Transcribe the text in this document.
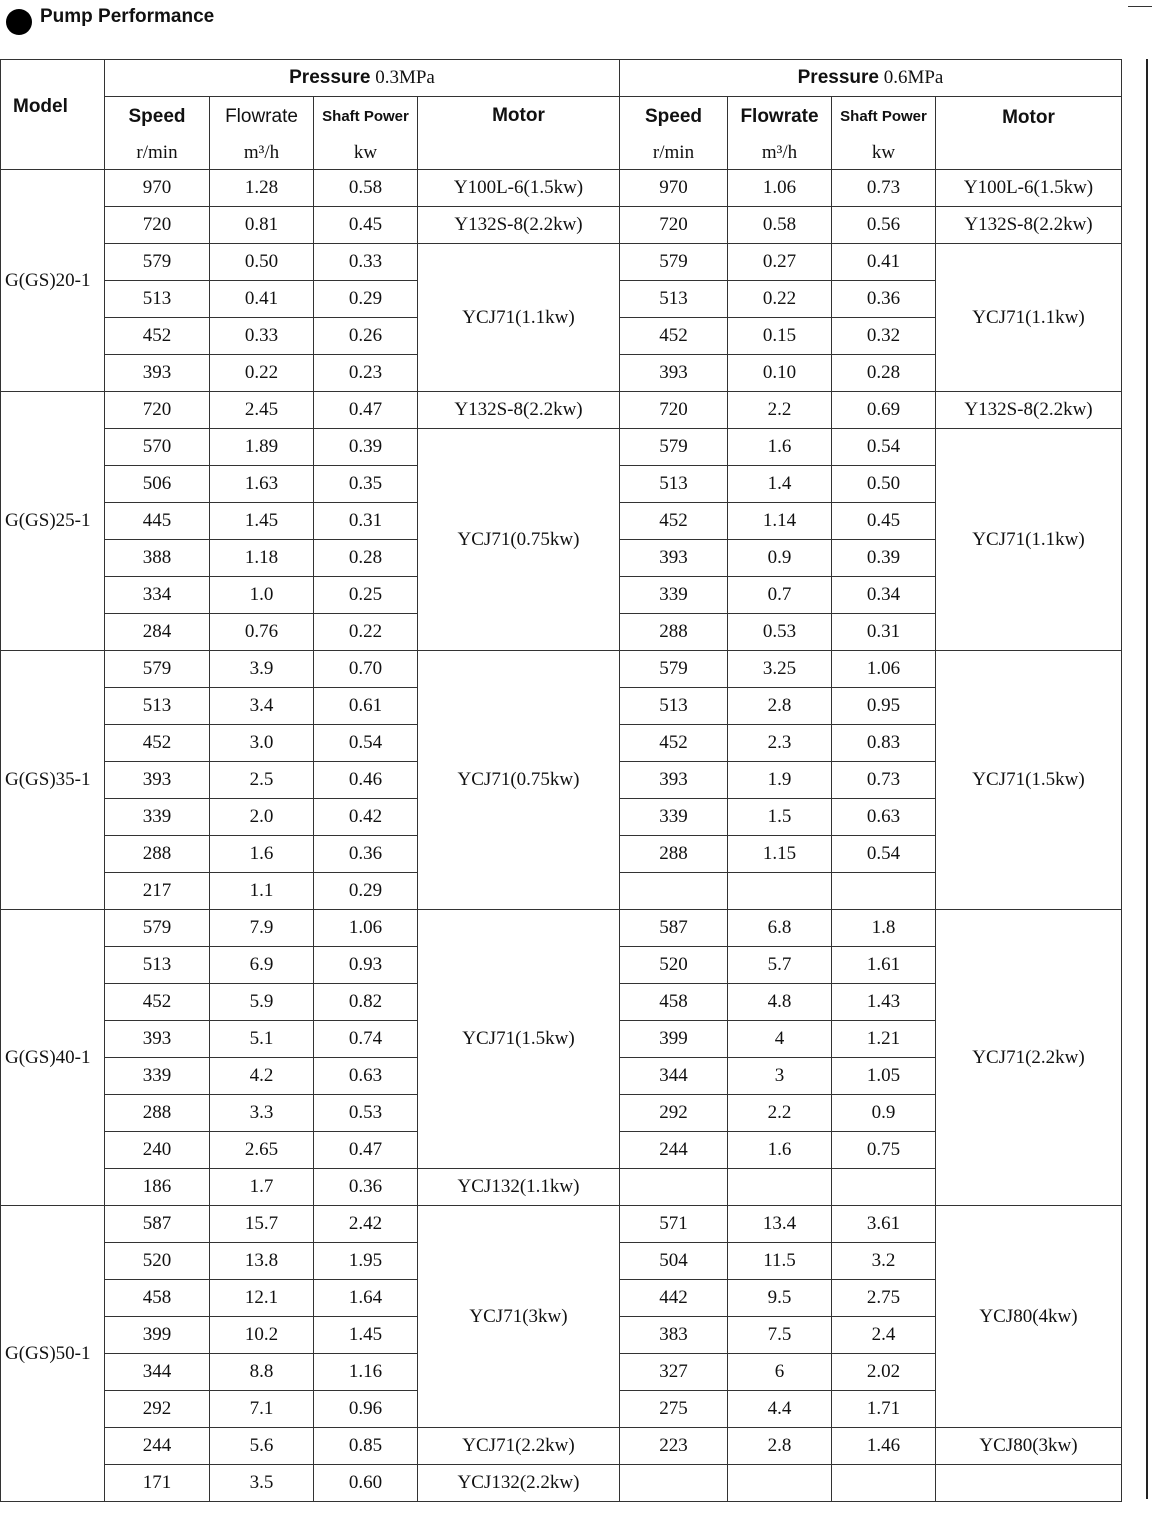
Pump Performance
Model	Pressure 0.3MPa				Pressure 0.6MPa			
	Speed	Flowrate	Shaft Power	Motor	Speed	Flowrate	Shaft Power	Motor
	r/min	m³/h	kw		r/min	m³/h	kw	
G(GS)20-1	970	1.28	0.58	Y100L-6(1.5kw)	970	1.06	0.73	Y100L-6(1.5kw)
	720	0.81	0.45	Y132S-8(2.2kw)	720	0.58	0.56	Y132S-8(2.2kw)
	579	0.50	0.33	YCJ71(1.1kw)	579	0.27	0.41	YCJ71(1.1kw)
	513	0.41	0.29		513	0.22	0.36	
	452	0.33	0.26		452	0.15	0.32	
	393	0.22	0.23		393	0.10	0.28	
G(GS)25-1	720	2.45	0.47	Y132S-8(2.2kw)	720	2.2	0.69	Y132S-8(2.2kw)
	570	1.89	0.39	YCJ71(0.75kw)	579	1.6	0.54	YCJ71(1.1kw)
	506	1.63	0.35		513	1.4	0.50	
	445	1.45	0.31		452	1.14	0.45	
	388	1.18	0.28		393	0.9	0.39	
	334	1.0	0.25		339	0.7	0.34	
	284	0.76	0.22		288	0.53	0.31	
G(GS)35-1	579	3.9	0.70	YCJ71(0.75kw)	579	3.25	1.06	YCJ71(1.5kw)
	513	3.4	0.61		513	2.8	0.95	
	452	3.0	0.54		452	2.3	0.83	
	393	2.5	0.46		393	1.9	0.73	
	339	2.0	0.42		339	1.5	0.63	
	288	1.6	0.36		288	1.15	0.54	
	217	1.1	0.29					
G(GS)40-1	579	7.9	1.06	YCJ71(1.5kw)	587	6.8	1.8	YCJ71(2.2kw)
	513	6.9	0.93		520	5.7	1.61	
	452	5.9	0.82		458	4.8	1.43	
	393	5.1	0.74		399	4	1.21	
	339	4.2	0.63		344	3	1.05	
	288	3.3	0.53		292	2.2	0.9	
	240	2.65	0.47		244	1.6	0.75	
	186	1.7	0.36	YCJ132(1.1kw)				
G(GS)50-1	587	15.7	2.42	YCJ71(3kw)	571	13.4	3.61	YCJ80(4kw)
	520	13.8	1.95		504	11.5	3.2	
	458	12.1	1.64		442	9.5	2.75	
	399	10.2	1.45		383	7.5	2.4	
	344	8.8	1.16		327	6	2.02	
	292	7.1	0.96		275	4.4	1.71	
	244	5.6	0.85	YCJ71(2.2kw)	223	2.8	1.46	YCJ80(3kw)
	171	3.5	0.60	YCJ132(2.2kw)				
